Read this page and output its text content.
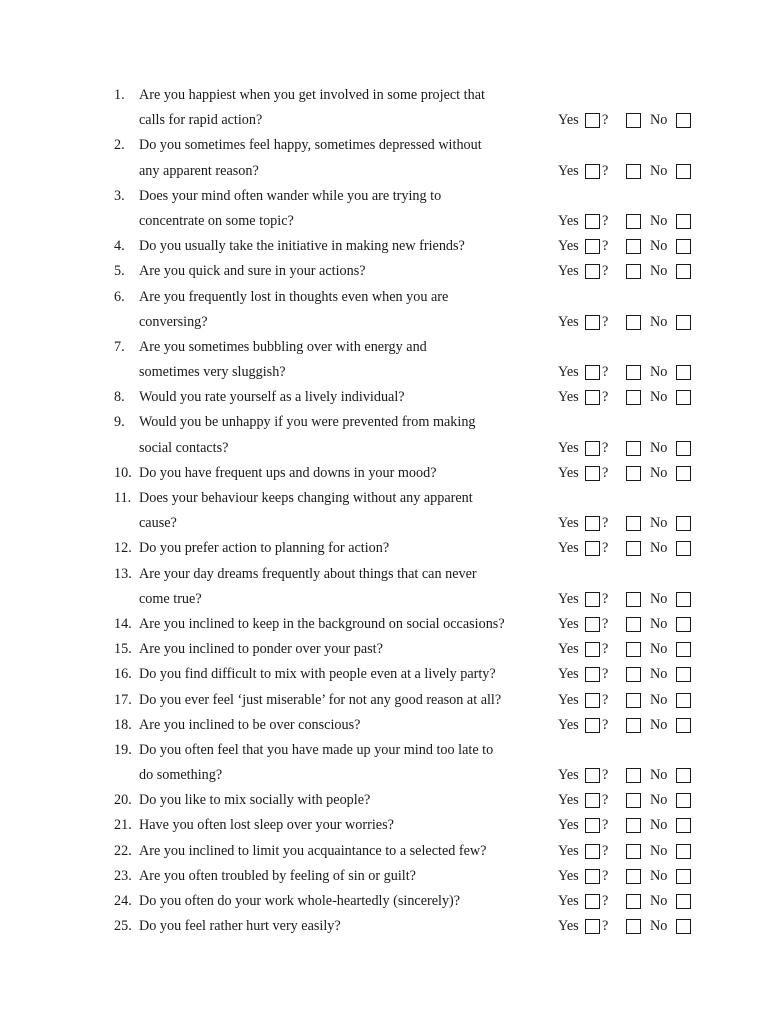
1. Are you happiest when you get involved in some project that
calls for rapid action?	Yes ?	No
2. Do you sometimes feel happy, sometimes depressed without
any apparent reason?	Yes ?	No
3. Does your mind often wander while you are trying to
concentrate on some topic?	Yes ?	No
4. Do you usually take the initiative in making new friends?	Yes ?	No
5. Are you quick and sure in your actions?	Yes ?	No
6. Are you frequently lost in thoughts even when you are
conversing?	Yes ?	No
7. Are you sometimes bubbling over with energy and
sometimes very sluggish?	Yes ?	No
8. Would you rate yourself as a lively individual?	Yes ?	No
9. Would you be unhappy if you were prevented from making
social contacts?	Yes ?	No
10. Do you have frequent ups and downs in your mood?	Yes ?	No
11. Does your behaviour keeps changing without any apparent
cause?	Yes ?	No
12. Do you prefer action to planning for action?	Yes ?	No
13. Are your day dreams frequently about things that can never
come true?	Yes ?	No
14. Are you inclined to keep in the background on social occasions?	Yes ?	No
15. Are you inclined to ponder over your past?	Yes ?	No
16. Do you find difficult to mix with people even at a lively party?	Yes ?	No
17. Do you ever feel ‘just miserable’ for not any good reason at all?	Yes ?	No
18. Are you inclined to be over conscious?	Yes ?	No
19. Do you often feel that you have made up your mind too late to
do something?	Yes ?	No
20. Do you like to mix socially with people?	Yes ?	No
21. Have you often lost sleep over your worries?	Yes ?	No
22. Are you inclined to limit you acquaintance to a selected few?	Yes ?	No
23. Are you often troubled by feeling of sin or guilt?	Yes ?	No
24. Do you often do your work whole-heartedly (sincerely)?	Yes ?	No
25. Do you feel rather hurt very easily?	Yes ?	No
